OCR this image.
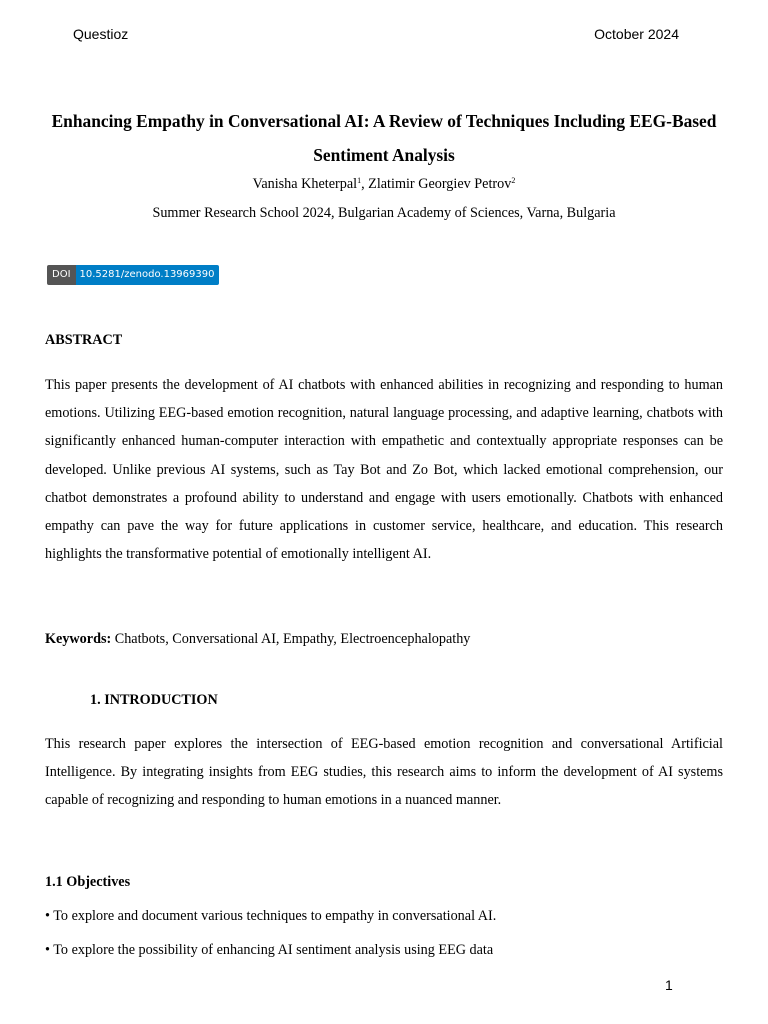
Questioz	October 2024
Enhancing Empathy in Conversational AI: A Review of Techniques Including EEG-Based Sentiment Analysis
Vanisha Kheterpal$^1$, Zlatimir Georgiev Petrov$^2$
Summer Research School 2024, Bulgarian Academy of Sciences, Varna, Bulgaria
DOI 10.5281/zenodo.13969390
ABSTRACT

This paper presents the development of AI chatbots with enhanced abilities in recognizing and responding to human emotions. Utilizing EEG-based emotion recognition, natural language processing, and adaptive learning, chatbots with significantly enhanced human-computer interaction with empathetic and contextually appropriate responses can be developed. Unlike previous AI systems, such as Tay Bot and Zo Bot, which lacked emotional comprehension, our chatbot demonstrates a profound ability to understand and engage with users emotionally. Chatbots with enhanced empathy can pave the way for future applications in customer service, healthcare, and education. This research highlights the transformative potential of emotionally intelligent AI.

Keywords: Chatbots, Conversational AI, Empathy, Electroencephalopathy

1. INTRODUCTION

This research paper explores the intersection of EEG-based emotion recognition and conversational Artificial Intelligence. By integrating insights from EEG studies, this research aims to inform the development of AI systems capable of recognizing and responding to human emotions in a nuanced manner.

1.1 Objectives

• To explore and document various techniques to empathy in conversational AI.

• To explore the possibility of enhancing AI sentiment analysis using EEG data

1
